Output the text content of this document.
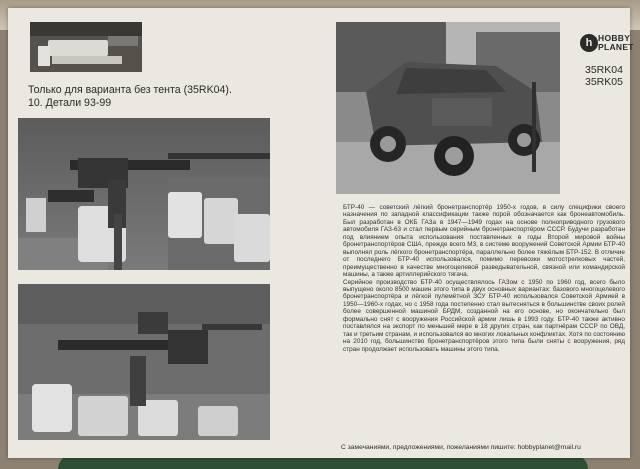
Только для варианта без тента (35RK04).
10. Детали 93-99
h HOBBY
PLANET
35RK04
35RK05

БТР-40 — советский лёгкий бронетранспортёр 1950-х годов, в силу специфики своего назначения по западной классификации также порой обозначается как бронеавтомобиль. Был разработан в ОКБ ГАЗа в 1947—1949 годах на основе полноприводного грузового автомобиля ГАЗ-63 и стал первым серийным бронетранспортёром СССР. Будучи разработан под влиянием опыта использования поставленных в годы Второй мировой войны бронетранспортёров США, прежде всего M3, в системе вооружений Советской Армии БТР-40 выполнял роль лёгкого бронетранспортёра, параллельно более тяжёлым БТР-152. В отличие от последнего БТР-40 использовался, помимо перевозки мотострелковых частей, преимущественно в качестве многоцелевой разведывательной, связной или командирской машины, а также артиллерийского тягача.

Серийное производство БТР-40 осуществлялось ГАЗом с 1950 по 1960 год, всего было выпущено около 8500 машин этого типа в двух основных вариантах: базового многоцелевого бронетранспортёра и лёгкой пулемётной ЗСУ БТР-40 использовался Советской Армией в 1950—1960-х годах, но с 1958 года постепенно стал вытесняться в большинстве своих ролей более совершенной машиной БРДМ, созданной на его основе, но окончательно был формально снят с вооружения Российской армии лишь в 1993 году. БТР-40 также активно поставлялся на экспорт по меньшей мере в 18 других стран, как партнёрам СССР по ОВД, так и третьим странам, и использовался во многих локальных конфликтах. Хотя по состоянию на 2010 год, большинство бронетранспортёров этого типа были сняты с вооружения, ряд стран продолжает использовать машины этого типа.

С замечаниями, предложениями, пожеланиями пишите: hobbyplanet@mail.ru
